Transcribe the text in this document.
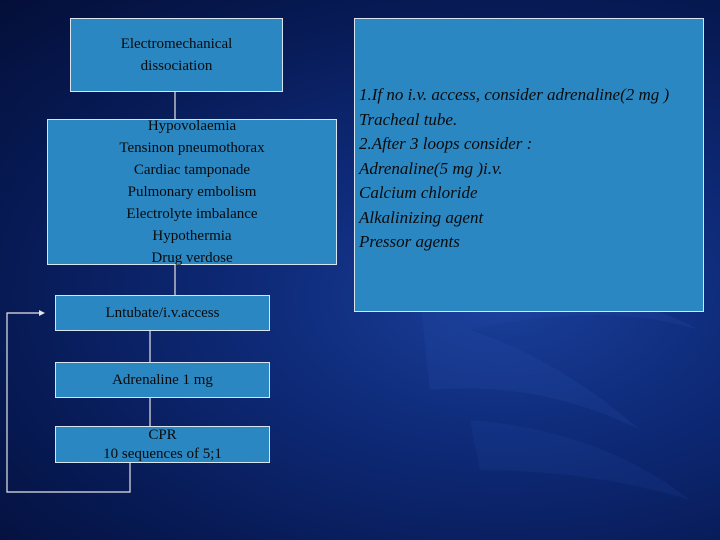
Electromechanical
dissociation
Hypovolaemia
Tensinon pneumothorax
Cardiac tamponade
Pulmonary embolism
Electrolyte imbalance
Hypothermia
Drug verdose
Lntubate/i.v.access
Adrenaline 1 mg
CPR
10 sequences of 5;1
1.If no i.v. access, consider adrenaline(2 mg )
Tracheal tube.
2.After 3 loops consider :
Adrenaline(5 mg )i.v.
Calcium chloride
Alkalinizing agent
Pressor agents
